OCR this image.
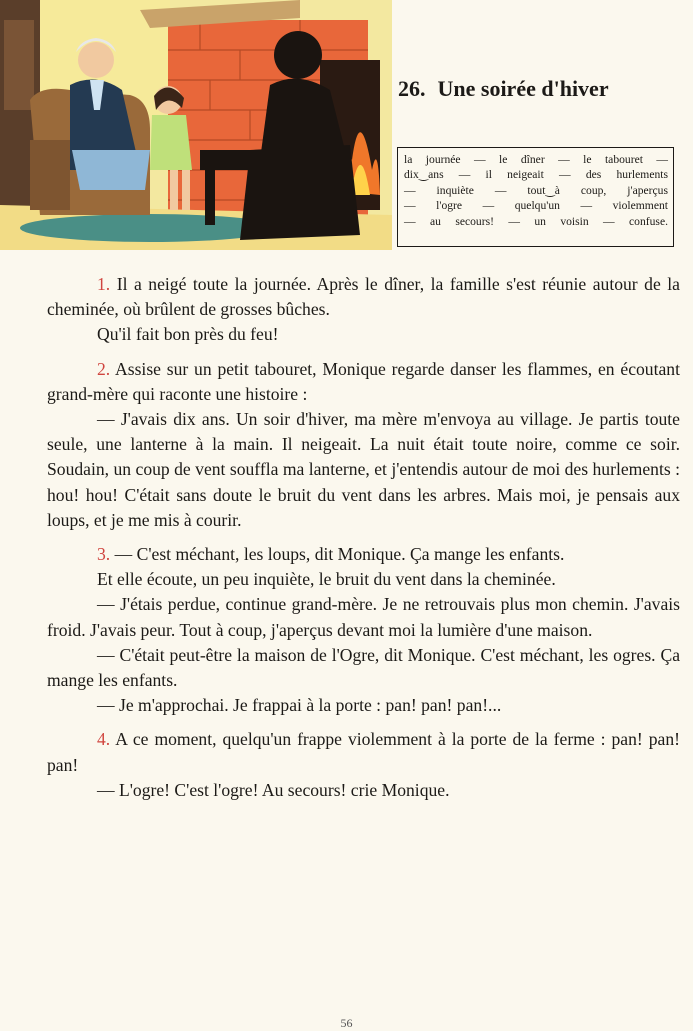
26. Une soirée d'hiver
la journée — le dîner — le tabouret —
dix‿ans — il neigeait — des hurlements
— inquiète — tout‿à coup, j'aperçus
— l'ogre — quelqu'un — violemment
— au secours! — un voisin — confuse.

1. Il a neigé toute la journée. Après le dîner, la famille s'est réunie autour de la cheminée, où brûlent de grosses bûches.

Qu'il fait bon près du feu!

2. Assise sur un petit tabouret, Monique regarde danser les flammes, en écoutant grand-mère qui raconte une histoire :

— J'avais dix ans. Un soir d'hiver, ma mère m'envoya au village. Je partis toute seule, une lanterne à la main. Il neigeait. La nuit était toute noire, comme ce soir. Soudain, un coup de vent souffla ma lanterne, et j'entendis autour de moi des hurlements : hou! hou! C'était sans doute le bruit du vent dans les arbres. Mais moi, je pensais aux loups, et je me mis à courir.

3. — C'est méchant, les loups, dit Monique. Ça mange les enfants.

Et elle écoute, un peu inquiète, le bruit du vent dans la cheminée.

— J'étais perdue, continue grand-mère. Je ne retrouvais plus mon chemin. J'avais froid. J'avais peur. Tout à coup, j'aperçus devant moi la lumière d'une maison.

— C'était peut-être la maison de l'Ogre, dit Monique. C'est méchant, les ogres. Ça mange les enfants.

— Je m'approchai. Je frappai à la porte : pan! pan! pan!...

4. A ce moment, quelqu'un frappe violemment à la porte de la ferme : pan! pan! pan!

— L'ogre! C'est l'ogre! Au secours! crie Monique.

56
